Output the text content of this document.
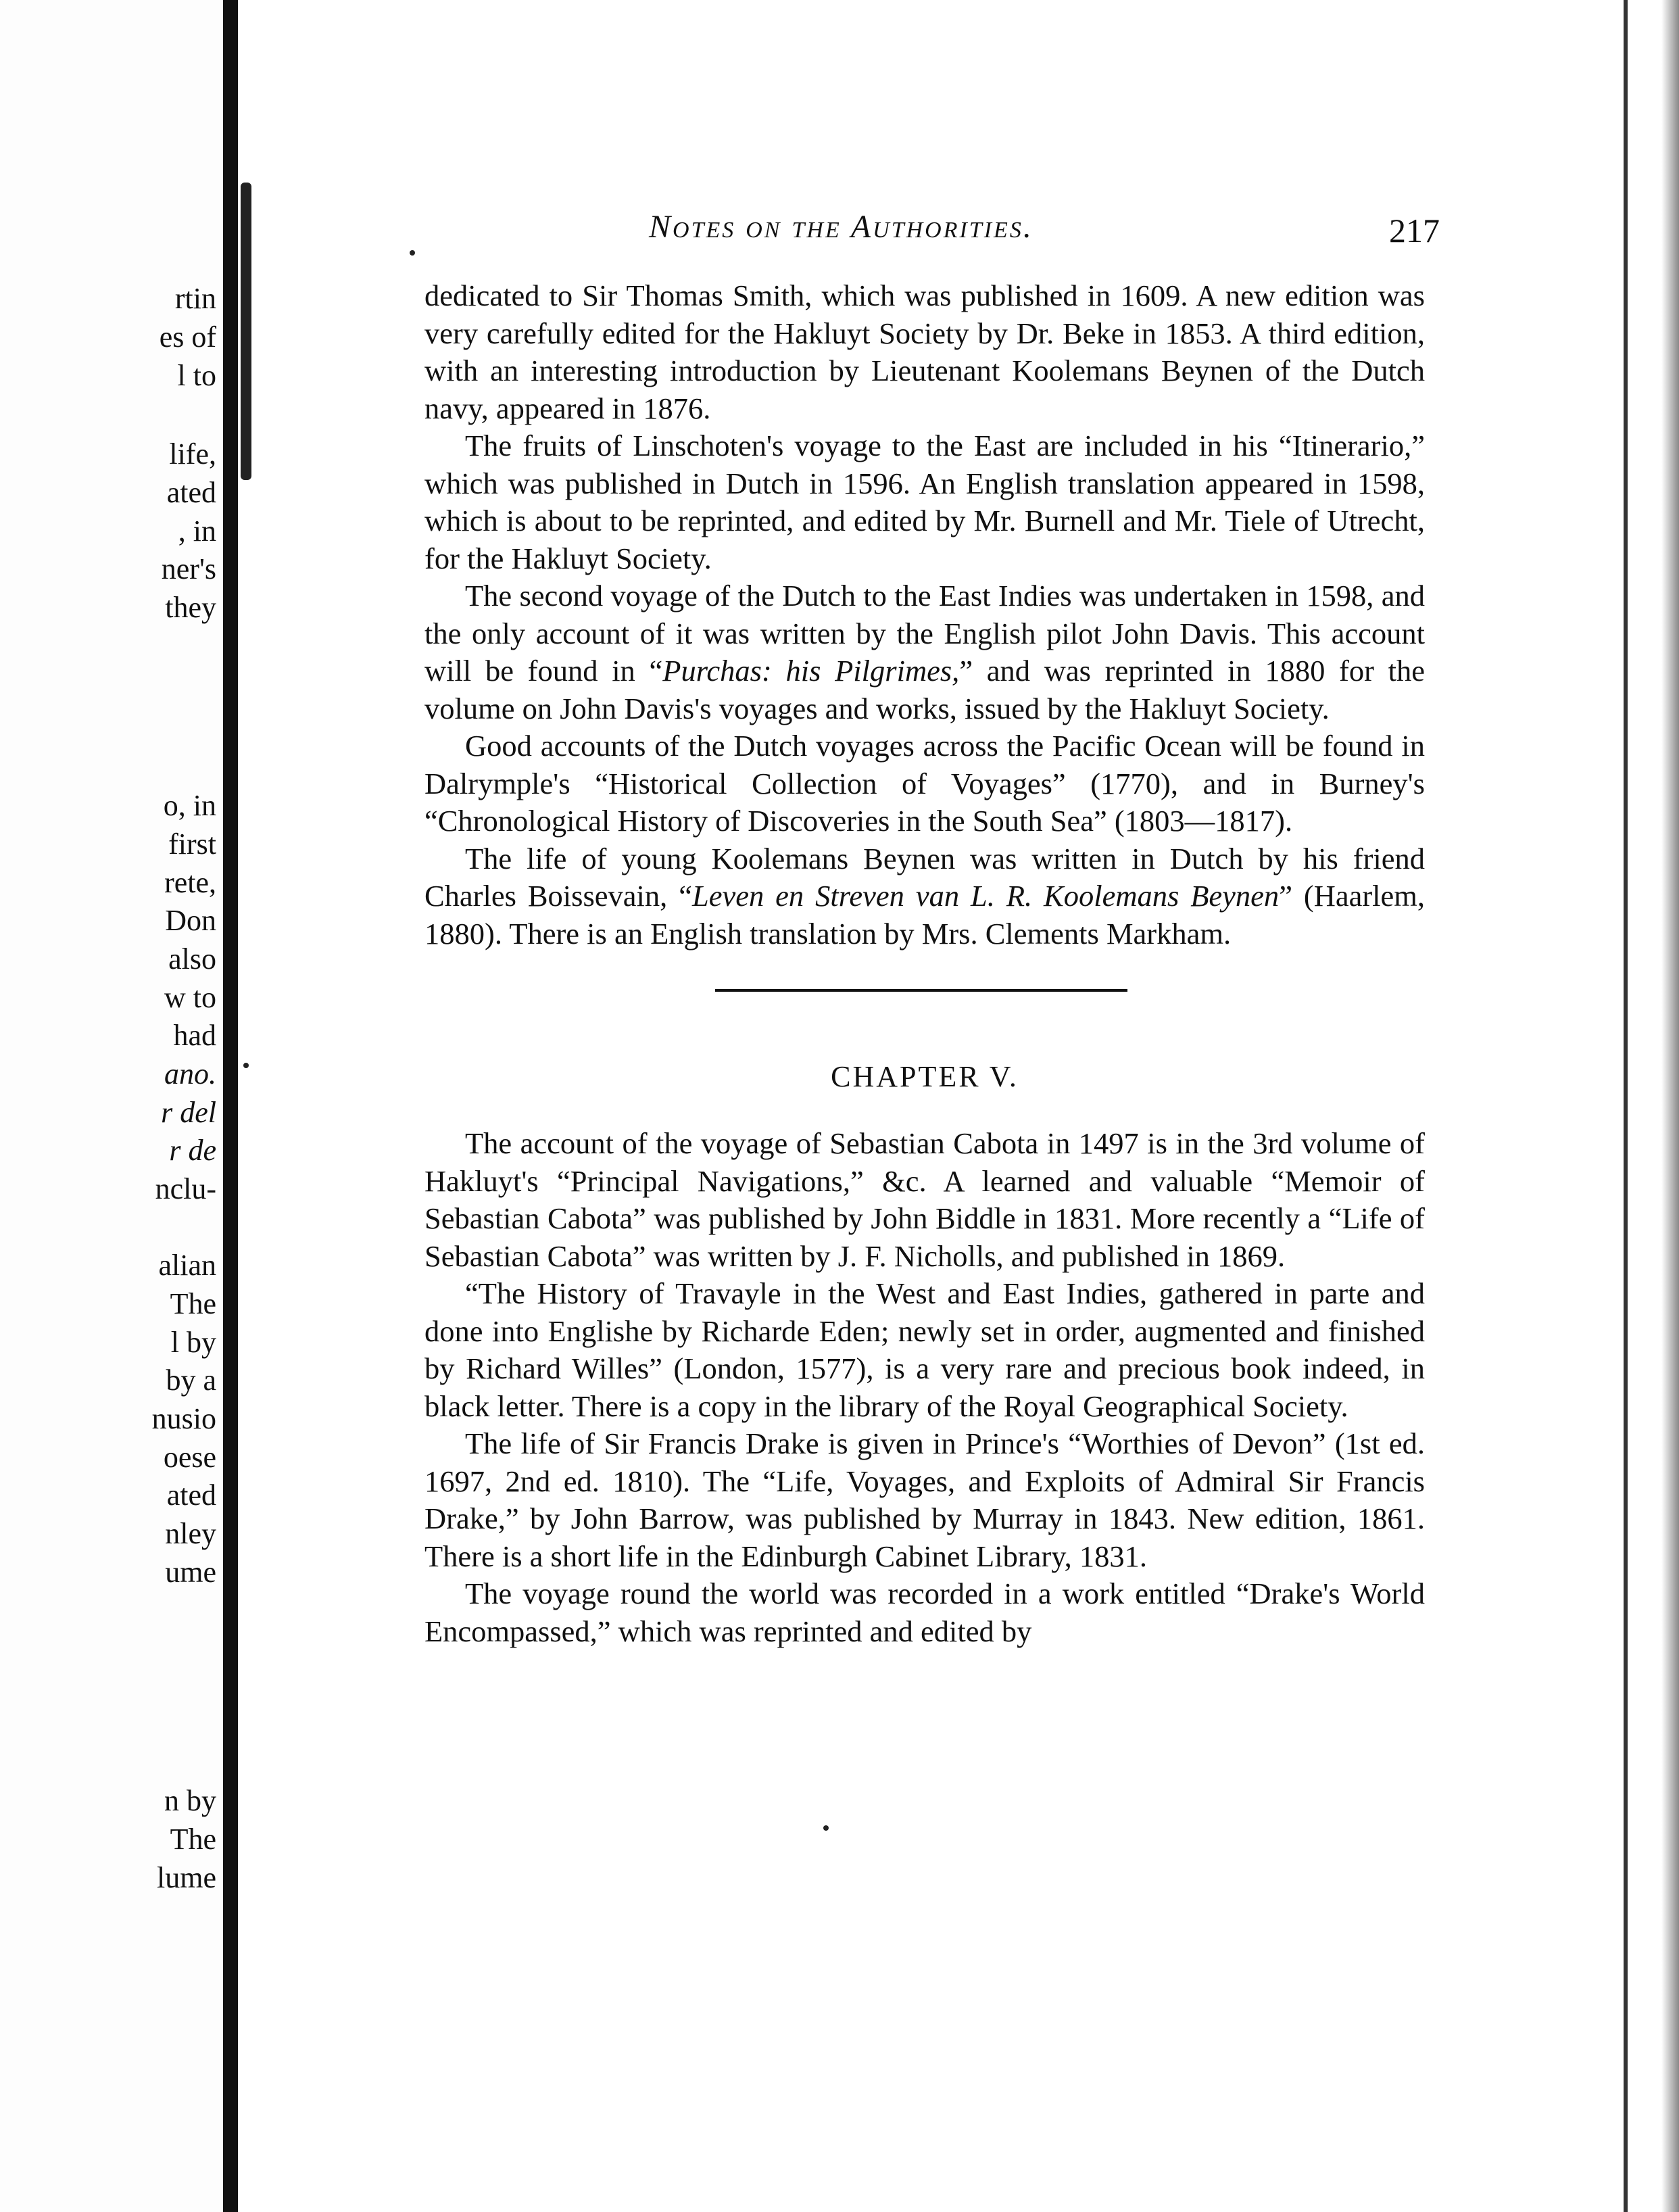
rtin
es of
l to
life,
ated
, in
ner's
they
o, in
first
rete,
Don
also
w to
had
ano.
r del
r de
nclu-
alian
The
l by
by a
nusio
oese
ated
nley
ume
n by
The
lume
Notes on the Authorities.	217

dedicated to Sir Thomas Smith, which was published in 1609. A new edition was very carefully edited for the Hakluyt Society by Dr. Beke in 1853. A third edition, with an interesting introduction by Lieutenant Koolemans Beynen of the Dutch navy, appeared in 1876.

The fruits of Linschoten's voyage to the East are included in his “Itinerario,” which was published in Dutch in 1596. An English translation appeared in 1598, which is about to be reprinted, and edited by Mr. Burnell and Mr. Tiele of Utrecht, for the Hakluyt Society.

The second voyage of the Dutch to the East Indies was undertaken in 1598, and the only account of it was written by the English pilot John Davis. This account will be found in “Purchas: his Pilgrimes,” and was reprinted in 1880 for the volume on John Davis's voyages and works, issued by the Hakluyt Society.

Good accounts of the Dutch voyages across the Pacific Ocean will be found in Dalrymple's “Historical Collection of Voyages” (1770), and in Burney's “Chronological History of Discoveries in the South Sea” (1803—1817).

The life of young Koolemans Beynen was written in Dutch by his friend Charles Boissevain, “Leven en Streven van L. R. Koolemans Beynen” (Haarlem, 1880). There is an English translation by Mrs. Clements Markham.

CHAPTER V.

The account of the voyage of Sebastian Cabota in 1497 is in the 3rd volume of Hakluyt's “Principal Navigations,” &c. A learned and valuable “Memoir of Sebastian Cabota” was published by John Biddle in 1831. More recently a “Life of Sebastian Cabota” was written by J. F. Nicholls, and published in 1869.

“The History of Travayle in the West and East Indies, gathered in parte and done into Englishe by Richarde Eden; newly set in order, augmented and finished by Richard Willes” (London, 1577), is a very rare and precious book indeed, in black letter. There is a copy in the library of the Royal Geographical Society.

The life of Sir Francis Drake is given in Prince's “Worthies of Devon” (1st ed. 1697, 2nd ed. 1810). The “Life, Voyages, and Exploits of Admiral Sir Francis Drake,” by John Barrow, was published by Murray in 1843. New edition, 1861. There is a short life in the Edinburgh Cabinet Library, 1831.

The voyage round the world was recorded in a work entitled “Drake's World Encompassed,” which was reprinted and edited by
